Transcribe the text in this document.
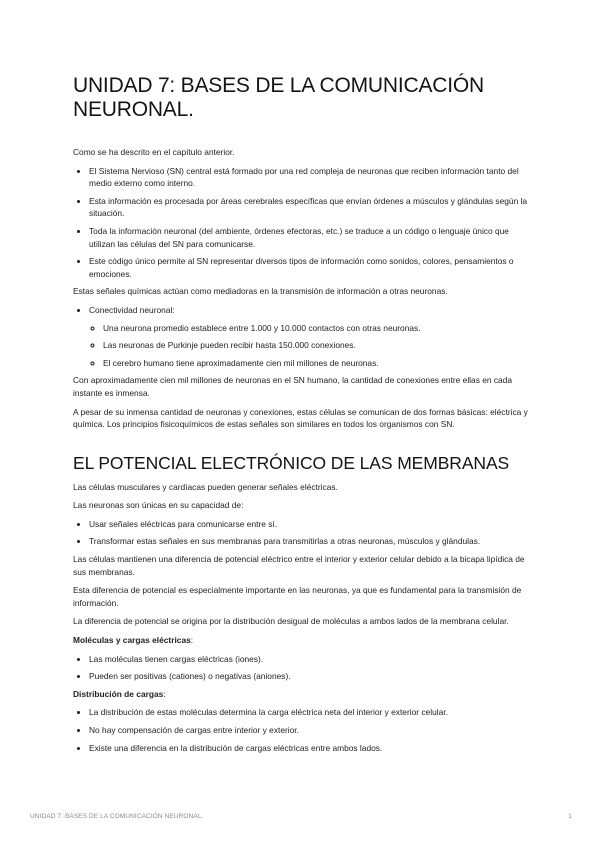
UNIDAD 7: BASES DE LA COMUNICACIÓN NEURONAL.

Como se ha descrito en el capítulo anterior.

• El Sistema Nervioso (SN) central está formado por una red compleja de neuronas que reciben información tanto del medio externo como interno.
• Esta información es procesada por áreas cerebrales específicas que envían órdenes a músculos y glándulas según la situación.
• Toda la información neuronal (del ambiente, órdenes efectoras, etc.) se traduce a un código o lenguaje único que utilizan las células del SN para comunicarse.
• Este código único permite al SN representar diversos tipos de información como sonidos, colores, pensamientos o emociones.

Estas señales químicas actúan como mediadoras en la transmisión de información a otras neuronas.

• Conectividad neuronal:
◦ Una neurona promedio establece entre 1.000 y 10.000 contactos con otras neuronas.
◦ Las neuronas de Purkinje pueden recibir hasta 150.000 conexiones.
◦ El cerebro humano tiene aproximadamente cien mil millones de neuronas.

Con aproximadamente cien mil millones de neuronas en el SN humano, la cantidad de conexiones entre ellas en cada instante es inmensa.

A pesar de su inmensa cantidad de neuronas y conexiones, estas células se comunican de dos formas básicas: eléctrica y química. Los principios fisicoquímicos de estas señales son similares en todos los organismos con SN.

EL POTENCIAL ELECTRÓNICO DE LAS MEMBRANAS

Las células musculares y cardíacas pueden generar señales eléctricas.

Las neuronas son únicas en su capacidad de:

• Usar señales eléctricas para comunicarse entre sí.
• Transformar estas señales en sus membranas para transmitirlas a otras neuronas, músculos y glándulas.

Las células mantienen una diferencia de potencial eléctrico entre el interior y exterior celular debido a la bicapa lipídica de sus membranas.

Esta diferencia de potencial es especialmente importante en las neuronas, ya que es fundamental para la transmisión de información.

La diferencia de potencial se origina por la distribución desigual de moléculas a ambos lados de la membrana celular.

Moléculas y cargas eléctricas:

• Las moléculas tienen cargas eléctricas (iones).
• Pueden ser positivas (cationes) o negativas (aniones).

Distribución de cargas:

• La distribución de estas moléculas determina la carga eléctrica neta del interior y exterior celular.
• No hay compensación de cargas entre interior y exterior.
• Existe una diferencia en la distribución de cargas eléctricas entre ambos lados.
UNIDAD 7: BASES DE LA COMUNICACIÓN NEURONAL.	1
